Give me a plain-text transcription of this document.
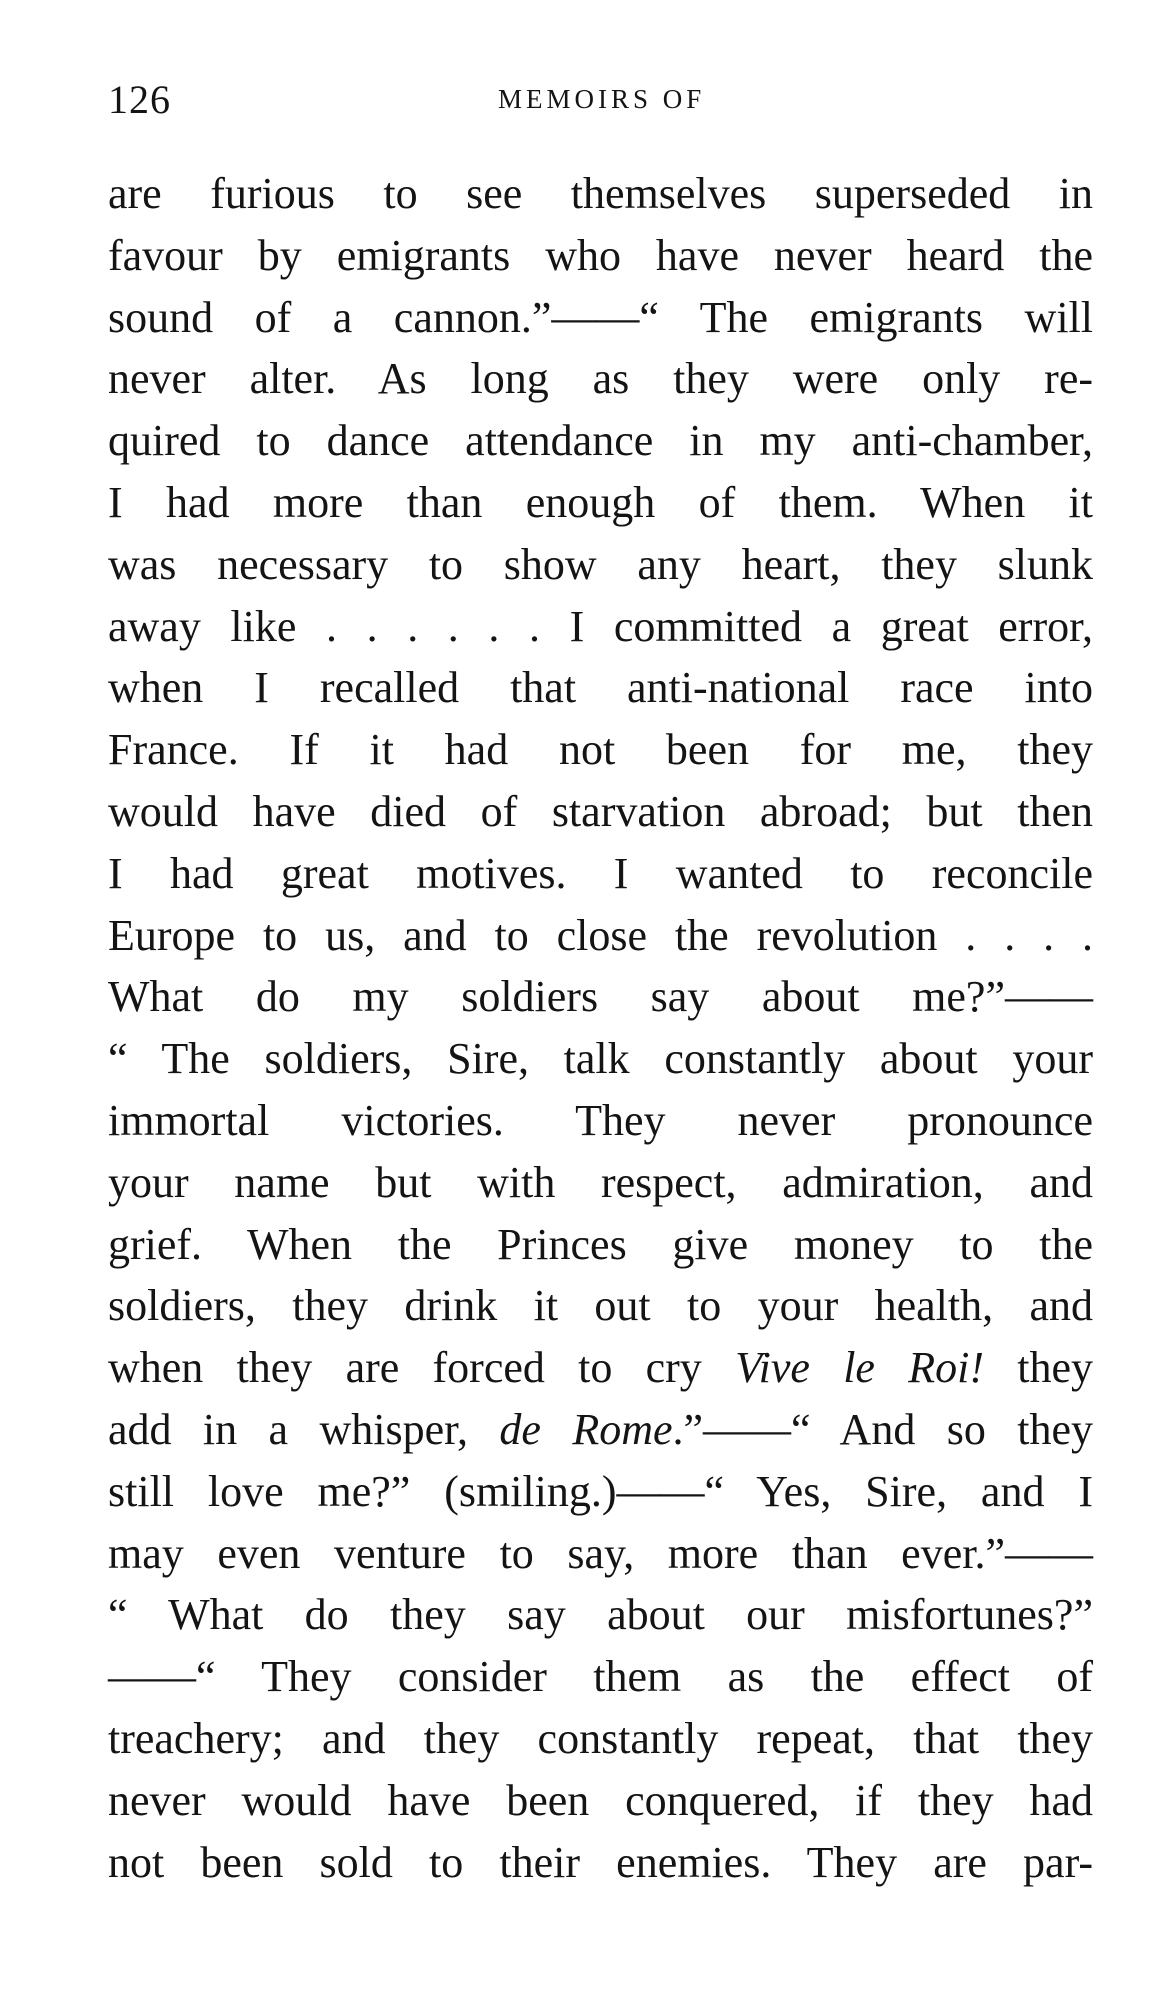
126	MEMOIRS OF
are furious to see themselves superseded in
favour by emigrants who have never heard the
sound of a cannon.”——“ The emigrants will
never alter. As long as they were only re-
quired to dance attendance in my anti-chamber,
I had more than enough of them. When it
was necessary to show any heart, they slunk
away like . . . . . . I committed a great error,
when I recalled that anti-national race into
France. If it had not been for me, they
would have died of starvation abroad; but then
I had great motives. I wanted to reconcile
Europe to us, and to close the revolution . . . .
What do my soldiers say about me?”——
“ The soldiers, Sire, talk constantly about your
immortal victories. They never pronounce
your name but with respect, admiration, and
grief. When the Princes give money to the
soldiers, they drink it out to your health, and
when they are forced to cry Vive le Roi! they
add in a whisper, de Rome.”——“ And so they
still love me?” (smiling.)——“ Yes, Sire, and I
may even venture to say, more than ever.”——
“ What do they say about our misfortunes?”
——“ They consider them as the effect of
treachery; and they constantly repeat, that they
never would have been conquered, if they had
not been sold to their enemies. They are par-
